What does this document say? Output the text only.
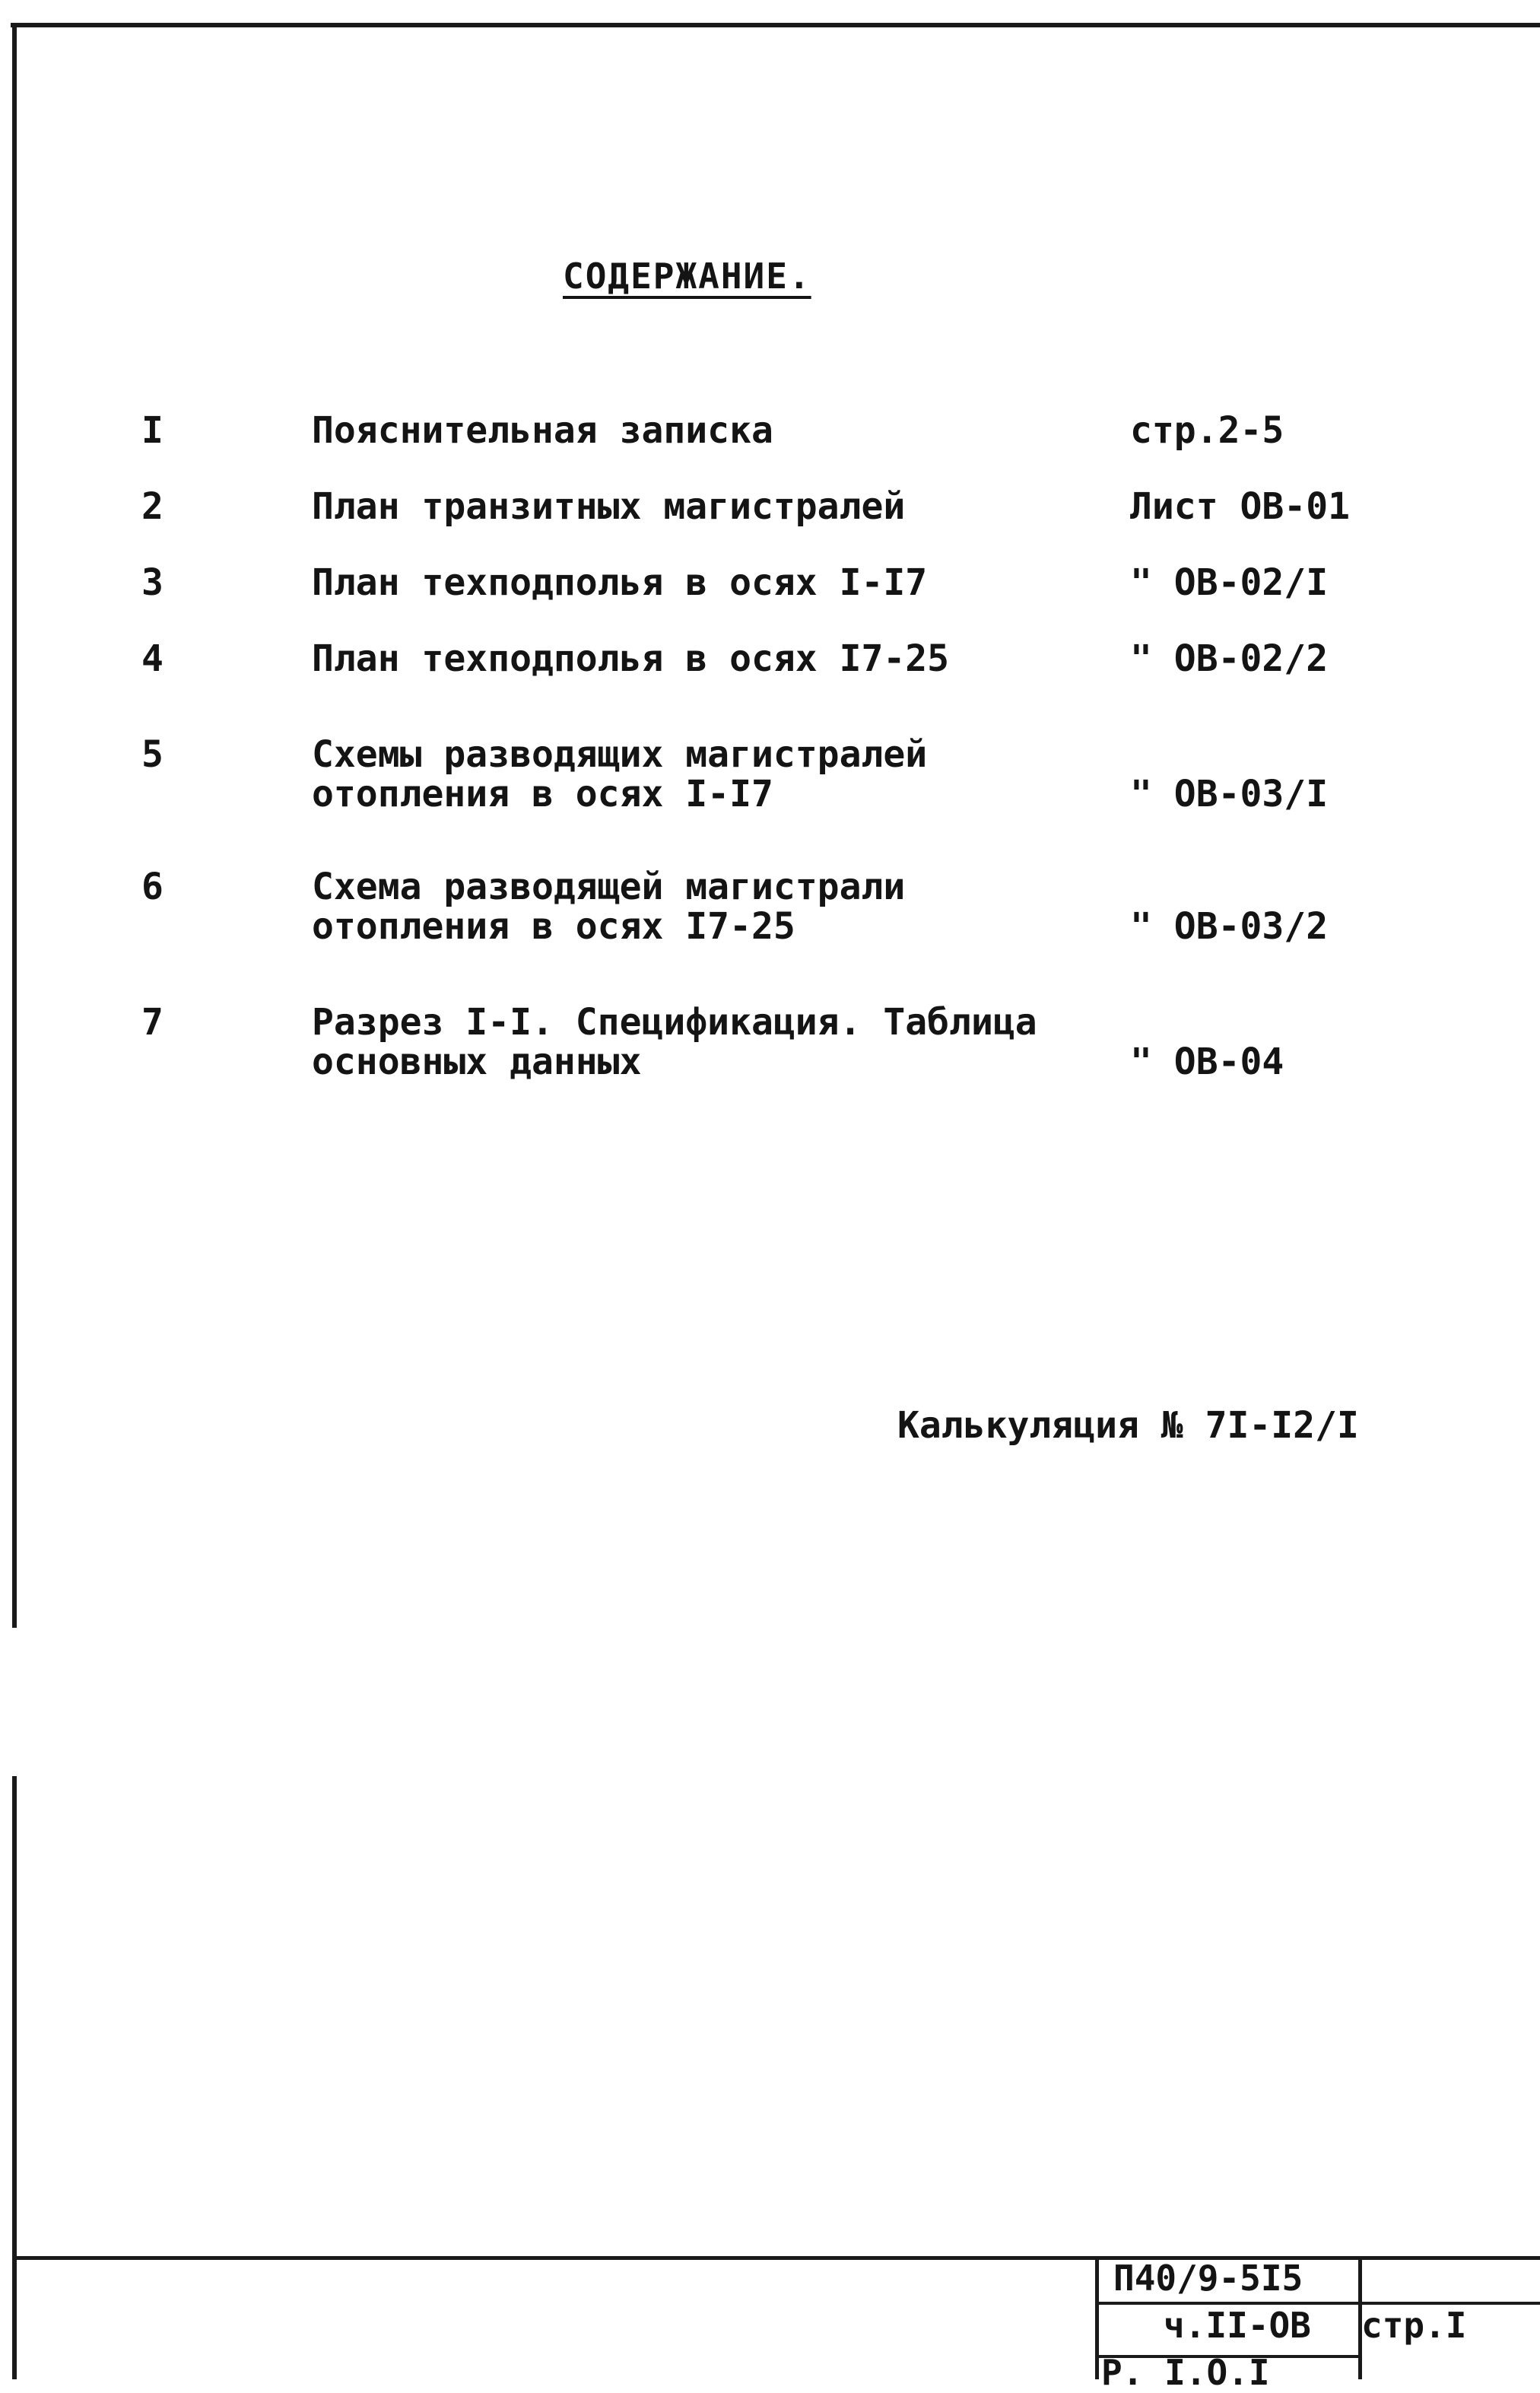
СОДЕРЖАНИЕ.
I	Пояснительная записка	стр.2-5
2	План транзитных магистралей	Лист ОВ-01
3	План техподполья в осях I-I7	" ОВ-02/I
4	План техподполья в осях I7-25	" ОВ-02/2
5	Схемы разводящих магистралей
отопления в осях I-I7	" ОВ-03/I
6	Схема разводящей магистрали
отопления в осях I7-25	" ОВ-03/2
7	Разрез I-I. Спецификация. Таблица
основных данных	" ОВ-04
Калькуляция № 7I-I2/I
П40/9-5I5
ч.II-ОВ стр.I
Р. I.О.I
